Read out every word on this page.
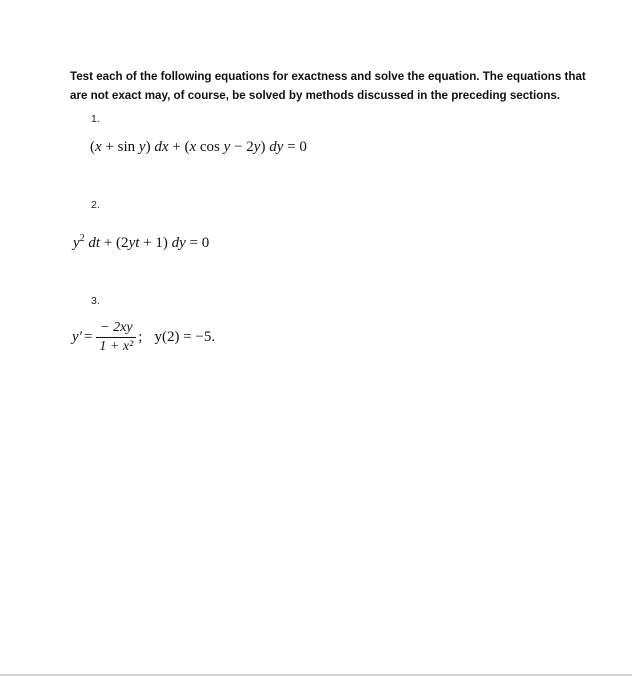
Test each of the following equations for exactness and solve the equation. The equations that are not exact may, of course, be solved by methods discussed in the preceding sections.
1.
(x + sin y) dx + (x cos y − 2y) dy = 0
2.
$y^2$ dt + (2yt + 1) dy = 0
3.
$y' = \frac{- 2xy}{\text{1 + x²}}$ ; y(2) = −5.
